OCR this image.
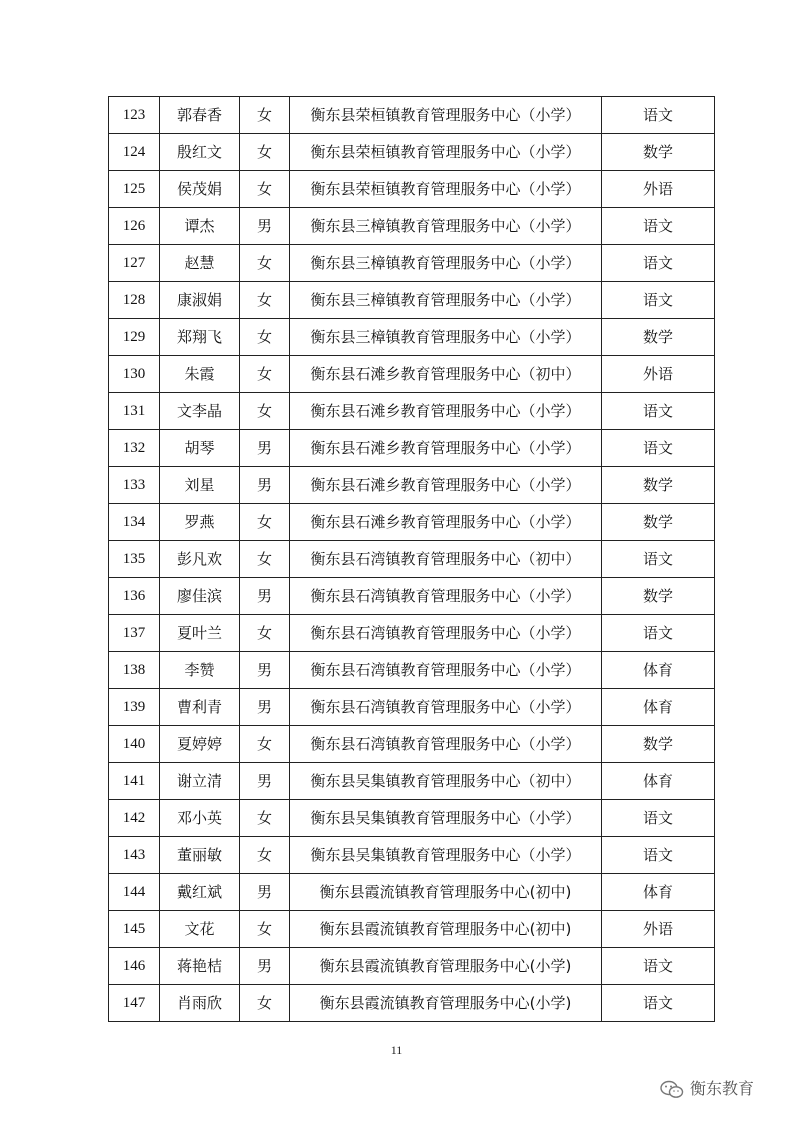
123	郭春香	女	衡东县荣桓镇教育管理服务中心（小学）	语文
124	殷红文	女	衡东县荣桓镇教育管理服务中心（小学）	数学
125	侯茂娟	女	衡东县荣桓镇教育管理服务中心（小学）	外语
126	谭杰	男	衡东县三樟镇教育管理服务中心（小学）	语文
127	赵慧	女	衡东县三樟镇教育管理服务中心（小学）	语文
128	康淑娟	女	衡东县三樟镇教育管理服务中心（小学）	语文
129	郑翔飞	女	衡东县三樟镇教育管理服务中心（小学）	数学
130	朱霞	女	衡东县石滩乡教育管理服务中心（初中）	外语
131	文李晶	女	衡东县石滩乡教育管理服务中心（小学）	语文
132	胡琴	男	衡东县石滩乡教育管理服务中心（小学）	语文
133	刘星	男	衡东县石滩乡教育管理服务中心（小学）	数学
134	罗燕	女	衡东县石滩乡教育管理服务中心（小学）	数学
135	彭凡欢	女	衡东县石湾镇教育管理服务中心（初中）	语文
136	廖佳滨	男	衡东县石湾镇教育管理服务中心（小学）	数学
137	夏叶兰	女	衡东县石湾镇教育管理服务中心（小学）	语文
138	李赞	男	衡东县石湾镇教育管理服务中心（小学）	体育
139	曹利青	男	衡东县石湾镇教育管理服务中心（小学）	体育
140	夏婷婷	女	衡东县石湾镇教育管理服务中心（小学）	数学
141	谢立清	男	衡东县吴集镇教育管理服务中心（初中）	体育
142	邓小英	女	衡东县吴集镇教育管理服务中心（小学）	语文
143	董丽敏	女	衡东县吴集镇教育管理服务中心（小学）	语文
144	戴红斌	男	衡东县霞流镇教育管理服务中心(初中)	体育
145	文花	女	衡东县霞流镇教育管理服务中心(初中)	外语
146	蒋艳桔	男	衡东县霞流镇教育管理服务中心(小学)	语文
147	肖雨欣	女	衡东县霞流镇教育管理服务中心(小学)	语文
11
衡东教育
